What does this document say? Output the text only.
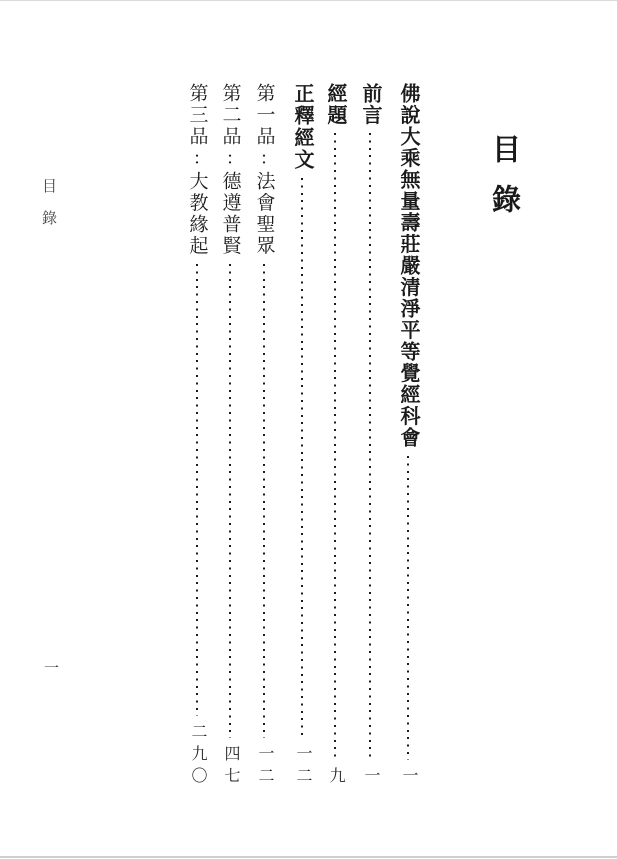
目錄
佛說大乘無量壽莊嚴清淨平等覺經科會
一
前言
一
經題
九
正釋經文
一二
第一品:法會聖眾
一二
第二品:德遵普賢
四七
第三品:大教緣起
二九〇
目錄
一
